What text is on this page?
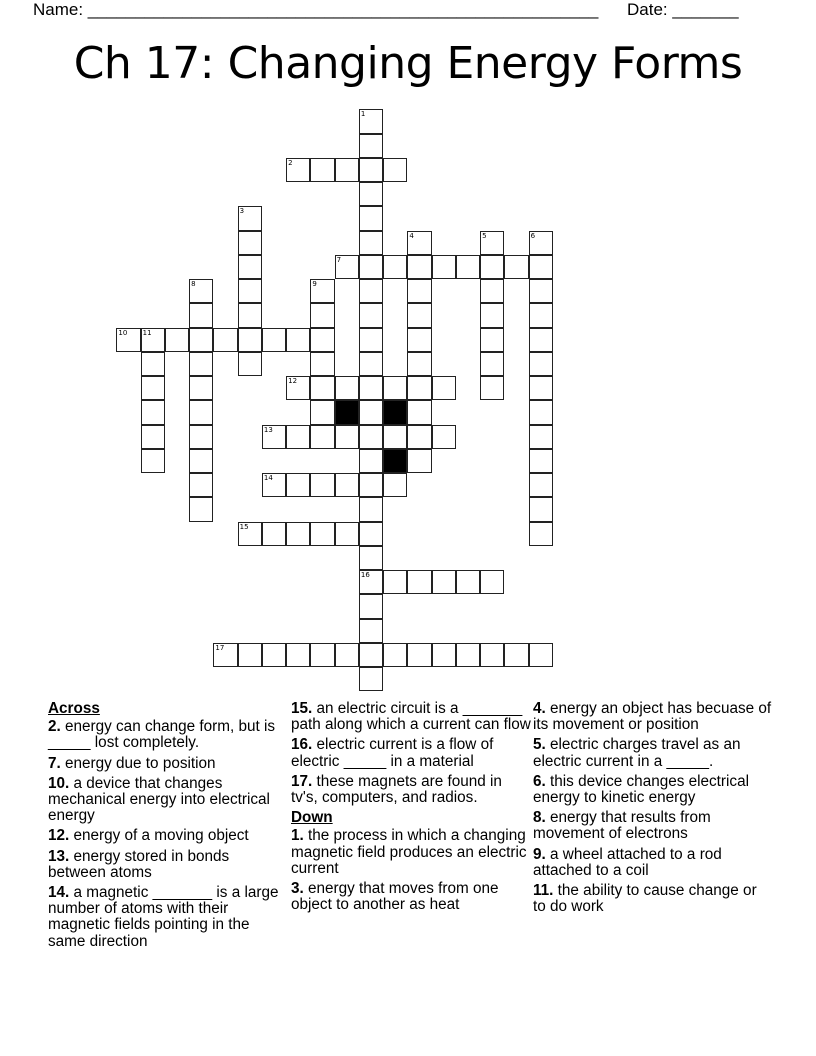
Name: ______________________________________________________ Date: _______
Ch 17: Changing Energy Forms
2
7
10 11
12
13
14
15
16
17
1
3
4	5	6
8	9
Across
2. energy can change form, but is _____ lost completely.
7. energy due to position
10. a device that changes mechanical energy into electrical energy
12. energy of a moving object
13. energy stored in bonds between atoms
14. a magnetic _______ is a large number of atoms with their magnetic fields pointing in the same direction
15. an electric circuit is a _______ path along which a current can flow
16. electric current is a flow of electric _____ in a material
17. these magnets are found in tv's, computers, and radios.
Down
1. the process in which a changing magnetic field produces an electric current
3. energy that moves from one object to another as heat
4. energy an object has becuase of its movement or position
5. electric charges travel as an electric current in a _____.
6. this device changes electrical energy to kinetic energy
8. energy that results from movement of electrons
9. a wheel attached to a rod attached to a coil
11. the ability to cause change or to do work
